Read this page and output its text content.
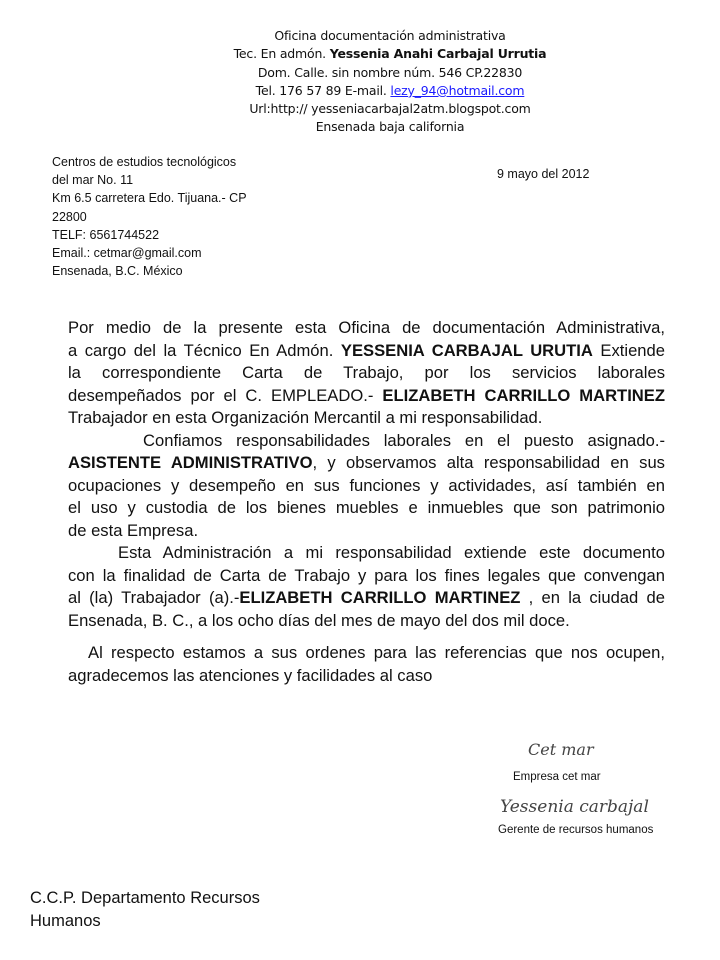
Oficina documentación administrativa
Tec. En admón. Yessenia Anahi Carbajal Urrutia
Dom. Calle. sin nombre núm. 546 CP.22830
Tel. 176 57 89 E-mail. lezy_94@hotmail.com
Url:http:// yesseniacarbajal2atm.blogspot.com
Ensenada baja california
Centros de estudios tecnológicos
del mar No. 11
Km 6.5 carretera Edo. Tijuana.- CP
22800
TELF: 6561744522
Email.: cetmar@gmail.com
Ensenada, B.C. México
9 mayo del 2012
Por medio de la presente esta Oficina de documentación Administrativa,
a cargo del la Técnico En Admón. YESSENIA CARBAJAL URUTIA Extiende
la correspondiente Carta de Trabajo, por los servicios laborales
desempeñados por el C. EMPLEADO.- ELIZABETH CARRILLO MARTINEZ
Trabajador en esta Organización Mercantil a mi responsabilidad.
Confiamos responsabilidades laborales en el puesto asignado.-
ASISTENTE ADMINISTRATIVO, y observamos alta responsabilidad en sus
ocupaciones y desempeño en sus funciones y actividades, así también en
el uso y custodia de los bienes muebles e inmuebles que son patrimonio
de esta Empresa.
Esta Administración a mi responsabilidad extiende este documento
con la finalidad de Carta de Trabajo y para los fines legales que convengan
al (la) Trabajador (a).-ELIZABETH CARRILLO MARTINEZ , en la ciudad de
Ensenada, B. C., a los ocho días del mes de mayo del dos mil doce.
Al respecto estamos a sus ordenes para las referencias que nos ocupen,
agradecemos las atenciones y facilidades al caso
Cet mar
Empresa cet mar
Yessenia carbajal
Gerente de recursos humanos
C.C.P. Departamento Recursos
Humanos
